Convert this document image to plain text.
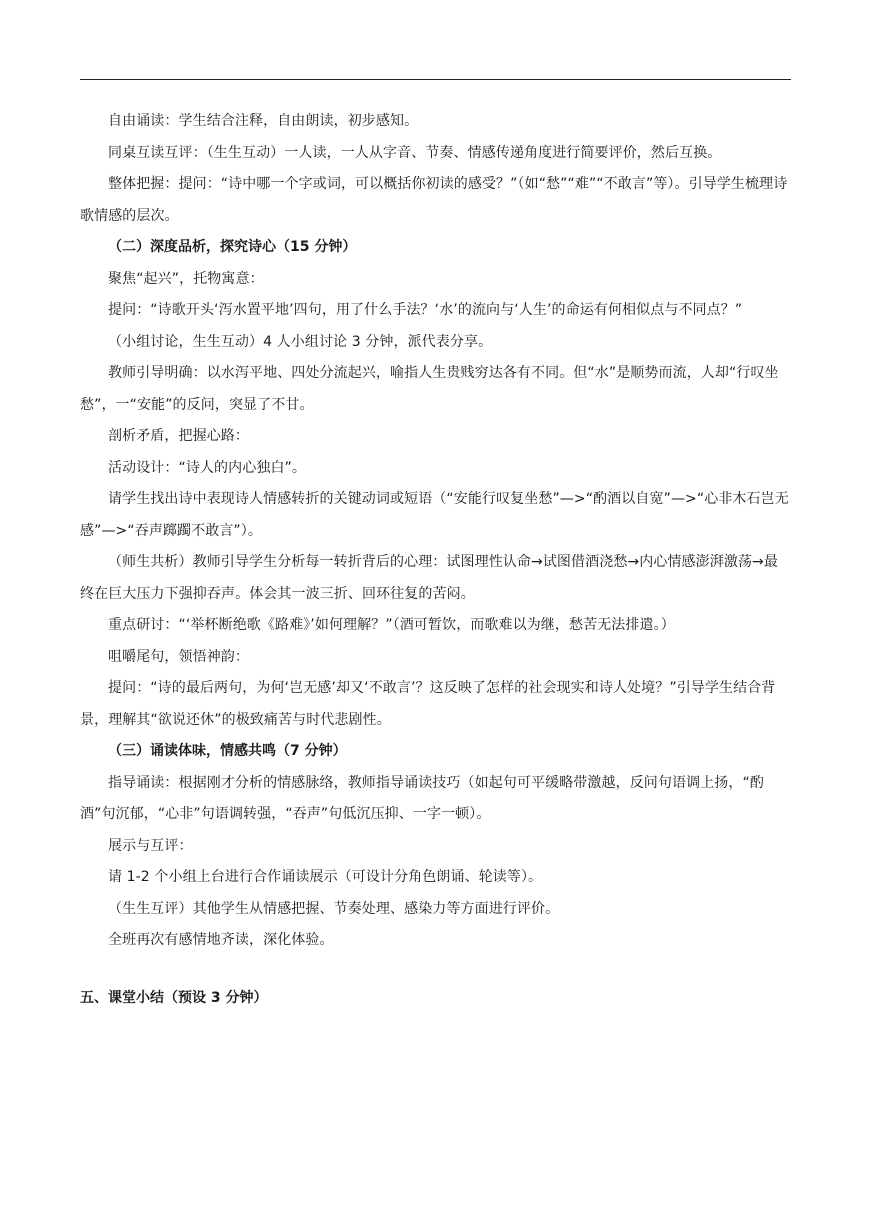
自由诵读：学生结合注释，自由朗读，初步感知。

同桌互读互评：（生生互动）一人读，一人从字音、节奏、情感传递角度进行简要评价，然后互换。

整体把握：提问：“诗中哪一个字或词，可以概括你初读的感受？”（如“愁”“难”“不敢言”等）。引导学生梳理诗歌情感的层次。

（二）深度品析，探究诗心（15 分钟）

聚焦“起兴”，托物寓意：

提问：“诗歌开头‘泻水置平地’四句，用了什么手法？‘水’的流向与‘人生’的命运有何相似点与不同点？”

（小组讨论，生生互动）4 人小组讨论 3 分钟，派代表分享。

教师引导明确：以水泻平地、四处分流起兴，喻指人生贵贱穷达各有不同。但“水”是顺势而流，人却“行叹坐愁”，一“安能”的反问，突显了不甘。

剖析矛盾，把握心路：

活动设计：“诗人的内心独白”。

请学生找出诗中表现诗人情感转折的关键动词或短语（“安能行叹复坐愁”—>“酌酒以自宽”—>“心非木石岂无感”—>“吞声踯躅不敢言”）。

（师生共析）教师引导学生分析每一转折背后的心理：试图理性认命→试图借酒浇愁→内心情感澎湃激荡→最终在巨大压力下强抑吞声。体会其一波三折、回环往复的苦闷。

重点研讨：“‘举杯断绝歌《路难》’如何理解？”（酒可暂饮，而歌难以为继，愁苦无法排遣。）

咀嚼尾句，领悟神韵：

提问：“诗的最后两句，为何‘岂无感’却又‘不敢言’？这反映了怎样的社会现实和诗人处境？”引导学生结合背景，理解其“欲说还休”的极致痛苦与时代悲剧性。

（三）诵读体味，情感共鸣（7 分钟）

指导诵读：根据刚才分析的情感脉络，教师指导诵读技巧（如起句可平缓略带激越，反问句语调上扬，“酌酒”句沉郁，“心非”句语调转强，“吞声”句低沉压抑、一字一顿）。

展示与互评：

请 1-2 个小组上台进行合作诵读展示（可设计分角色朗诵、轮读等）。

（生生互评）其他学生从情感把握、节奏处理、感染力等方面进行评价。

全班再次有感情地齐读，深化体验。

五、课堂小结（预设 3 分钟）
